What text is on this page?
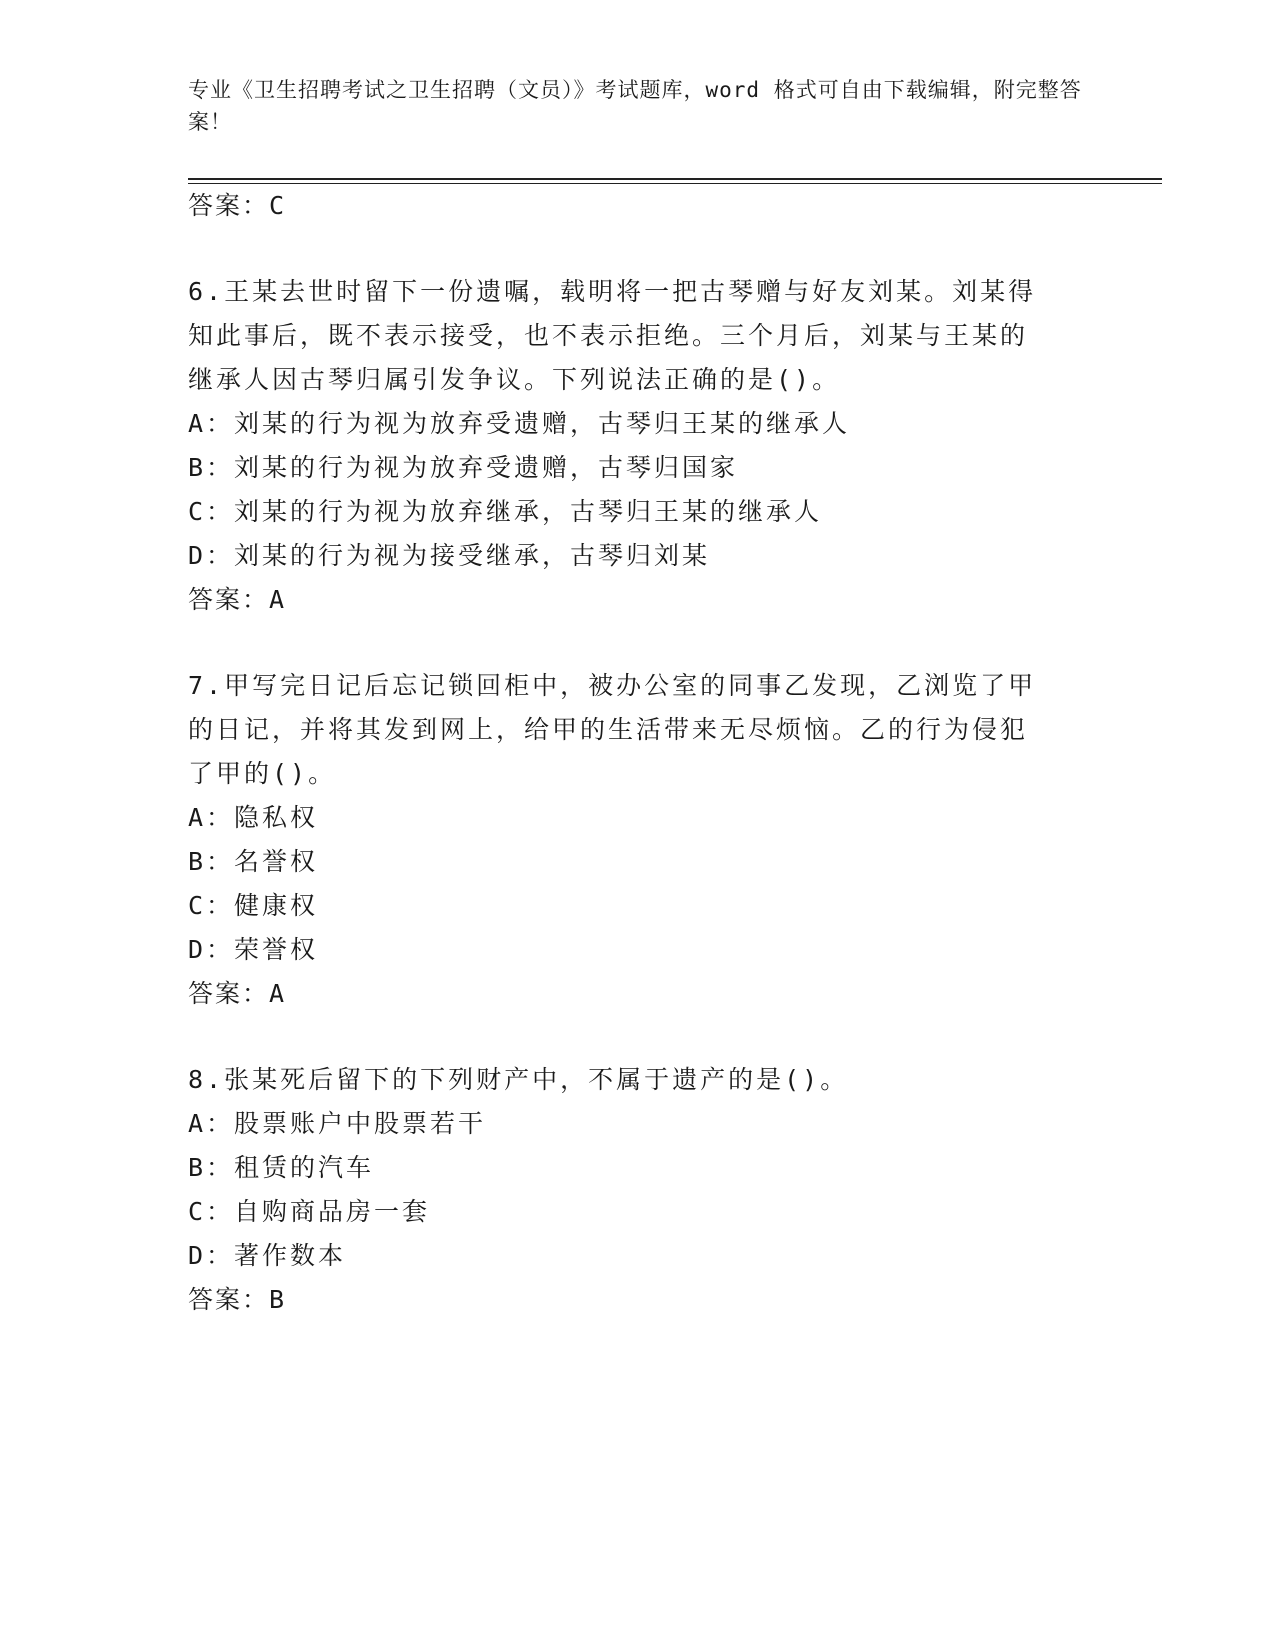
专业《卫生招聘考试之卫生招聘（文员）》考试题库，word 格式可自由下载编辑，附完整答案！
答案：C
6.王某去世时留下一份遗嘱，载明将一把古琴赠与好友刘某。刘某得
知此事后，既不表示接受，也不表示拒绝。三个月后，刘某与王某的
继承人因古琴归属引发争议。下列说法正确的是()。
A：刘某的行为视为放弃受遗赠，古琴归王某的继承人
B：刘某的行为视为放弃受遗赠，古琴归国家
C：刘某的行为视为放弃继承，古琴归王某的继承人
D：刘某的行为视为接受继承，古琴归刘某
答案：A
7.甲写完日记后忘记锁回柜中，被办公室的同事乙发现，乙浏览了甲
的日记，并将其发到网上，给甲的生活带来无尽烦恼。乙的行为侵犯
了甲的()。
A：隐私权
B：名誉权
C：健康权
D：荣誉权
答案：A
8.张某死后留下的下列财产中，不属于遗产的是()。
A：股票账户中股票若干
B：租赁的汽车
C：自购商品房一套
D：著作数本
答案：B
